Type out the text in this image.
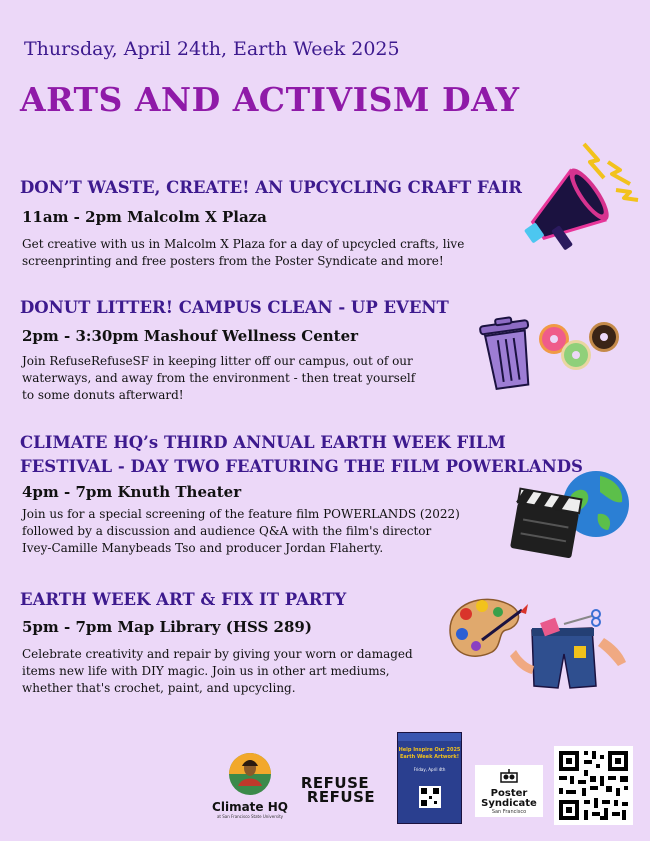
Thursday, April 24th, Earth Week 2025
ARTS AND ACTIVISM DAY
DON’T WASTE, CREATE! AN UPCYCLING CRAFT FAIR
11am - 2pm Malcolm X Plaza
Get creative with us in Malcolm X Plaza for a day of upcycled crafts, live
screenprinting and free posters from the Poster Syndicate and more!
DONUT LITTER! CAMPUS CLEAN - UP EVENT
2pm - 3:30pm Mashouf Wellness Center
Join RefuseRefuseSF in keeping litter off our campus, out of our
waterways, and away from the environment - then treat yourself
to some donuts afterward!
CLIMATE HQ’s THIRD ANNUAL EARTH WEEK FILM
FESTIVAL - DAY TWO FEATURING THE FILM POWERLANDS
4pm - 7pm Knuth Theater
Join us for a special screening of the feature film POWERLANDS (2022)
followed by a discussion and audience Q&A with the film's director
Ivey-Camille Manybeads Tso and producer Jordan Flaherty.
EARTH WEEK ART & FIX IT PARTY
5pm - 7pm Map Library (HSS 289)
Celebrate creativity and repair by giving your worn or damaged
items new life with DIY magic. Join us in other art mediums,
whether that's crochet, paint, and upcycling.
Climate HQ
at San Francisco State University
REFUSE
REFUSE
Help Inspire Our 2025
Earth Week Artwork!
Friday, April 4th
Poster
Syndicate
San Francisco
